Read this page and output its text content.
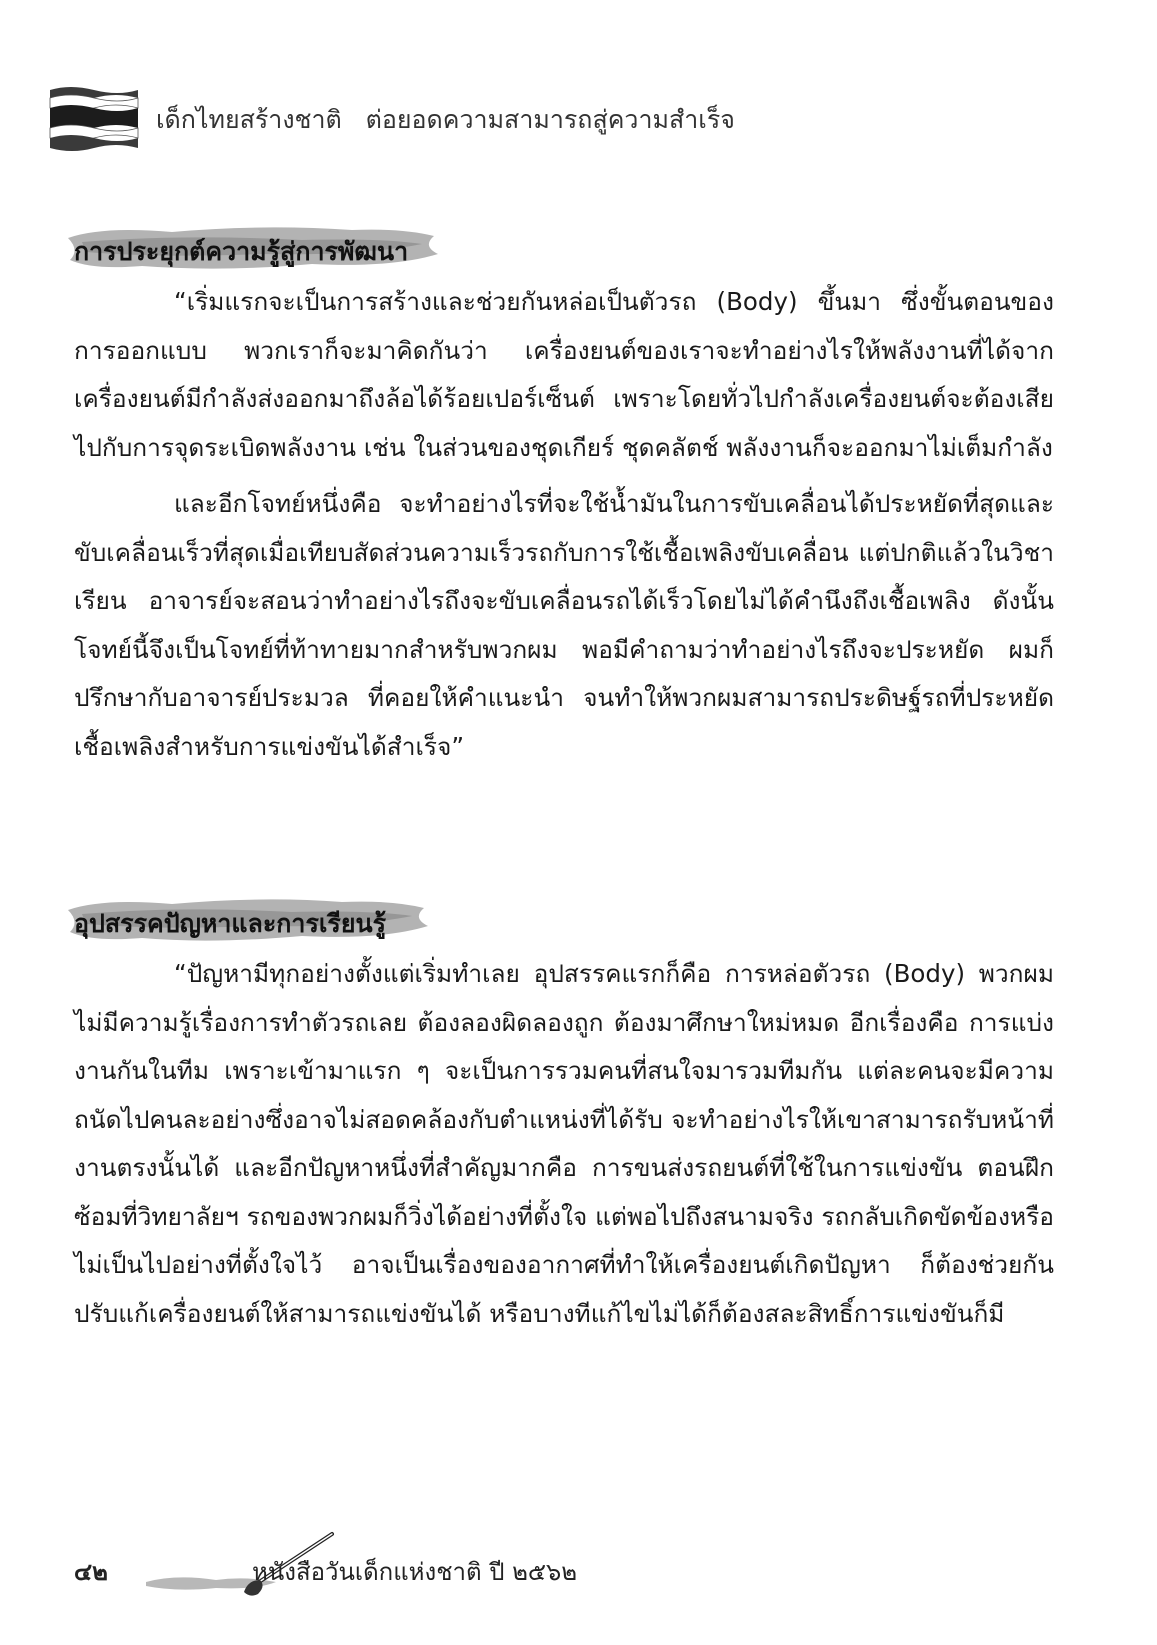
เด็กไทยสร้างชาติ   ต่อยอดความสามารถสู่ความสำเร็จ
การประยุกต์ความรู้สู่การพัฒนา

“เริ่มแรกจะเป็นการสร้างและช่วยกันหล่อเป็นตัวรถ (Body) ขึ้นมา ซึ่งขั้นตอนของการออกแบบ พวกเราก็จะมาคิดกันว่า เครื่องยนต์ของเราจะทำอย่างไรให้พลังงานที่ได้จากเครื่องยนต์มีกำลังส่งออกมาถึงล้อได้ร้อยเปอร์เซ็นต์ เพราะโดยทั่วไปกำลังเครื่องยนต์จะต้องเสียไปกับการจุดระเบิดพลังงาน เช่น ในส่วนของชุดเกียร์ ชุดคลัตช์ พลังงานก็จะออกมาไม่เต็มกำลัง

และอีกโจทย์หนึ่งคือ จะทำอย่างไรที่จะใช้น้ำมันในการขับเคลื่อนได้ประหยัดที่สุดและขับเคลื่อนเร็วที่สุดเมื่อเทียบสัดส่วนความเร็วรถกับการใช้เชื้อเพลิงขับเคลื่อน แต่ปกติแล้วในวิชาเรียน อาจารย์จะสอนว่าทำอย่างไรถึงจะขับเคลื่อนรถได้เร็วโดยไม่ได้คำนึงถึงเชื้อเพลิง ดังนั้น โจทย์นี้จึงเป็นโจทย์ที่ท้าทายมากสำหรับพวกผม พอมีคำถามว่าทำอย่างไรถึงจะประหยัด ผมก็ปรึกษากับอาจารย์ประมวล ที่คอยให้คำแนะนำ จนทำให้พวกผมสามารถประดิษฐ์รถที่ประหยัดเชื้อเพลิงสำหรับการแข่งขันได้สำเร็จ”

อุปสรรคปัญหาและการเรียนรู้

“ปัญหามีทุกอย่างตั้งแต่เริ่มทำเลย อุปสรรคแรกก็คือ การหล่อตัวรถ (Body) พวกผมไม่มีความรู้เรื่องการทำตัวรถเลย ต้องลองผิดลองถูก ต้องมาศึกษาใหม่หมด อีกเรื่องคือ การแบ่งงานกันในทีม เพราะเข้ามาแรก ๆ จะเป็นการรวมคนที่สนใจมารวมทีมกัน แต่ละคนจะมีความถนัดไปคนละอย่างซึ่งอาจไม่สอดคล้องกับตำแหน่งที่ได้รับ จะทำอย่างไรให้เขาสามารถรับหน้าที่งานตรงนั้นได้ และอีกปัญหาหนึ่งที่สำคัญมากคือ การขนส่งรถยนต์ที่ใช้ในการแข่งขัน ตอนฝึกซ้อมที่วิทยาลัยฯ รถของพวกผมก็วิ่งได้อย่างที่ตั้งใจ แต่พอไปถึงสนามจริง รถกลับเกิดขัดข้องหรือไม่เป็นไปอย่างที่ตั้งใจไว้ อาจเป็นเรื่องของอากาศที่ทำให้เครื่องยนต์เกิดปัญหา ก็ต้องช่วยกันปรับแก้เครื่องยนต์ให้สามารถแข่งขันได้ หรือบางทีแก้ไขไม่ได้ก็ต้องสละสิทธิ์การแข่งขันก็มี

๔๒	หนังสือวันเด็กแห่งชาติ ปี ๒๕๖๒
